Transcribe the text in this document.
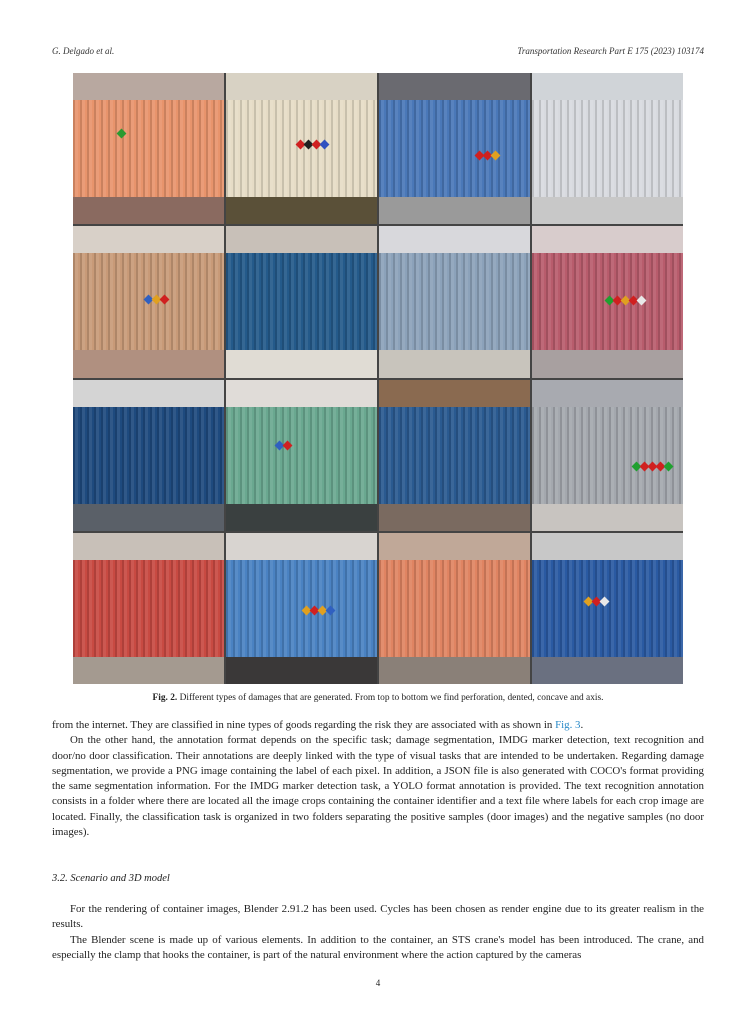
G. Delgado et al.	Transportation Research Part E 175 (2023) 103174
Fig. 2. Different types of damages that are generated. From top to bottom we find perforation, dented, concave and axis.

from the internet. They are classified in nine types of goods regarding the risk they are associated with as shown in Fig. 3.

On the other hand, the annotation format depends on the specific task; damage segmentation, IMDG marker detection, text recognition and door/no door classification. Their annotations are deeply linked with the type of visual tasks that are intended to be undertaken. Regarding damage segmentation, we provide a PNG image containing the label of each pixel. In addition, a JSON file is also generated with COCO's format providing the same segmentation information. For the IMDG marker detection task, a YOLO format annotation is provided. The text recognition annotation consists in a folder where there are located all the image crops containing the container identifier and a text file where labels for each crop image are located. Finally, the classification task is organized in two folders separating the positive samples (door images) and the negative samples (no door images).

3.2. Scenario and 3D model

For the rendering of container images, Blender 2.91.2 has been used. Cycles has been chosen as render engine due to its greater realism in the results.

The Blender scene is made up of various elements. In addition to the container, an STS crane's model has been introduced. The crane, and especially the clamp that hooks the container, is part of the natural environment where the action captured by the cameras

4
